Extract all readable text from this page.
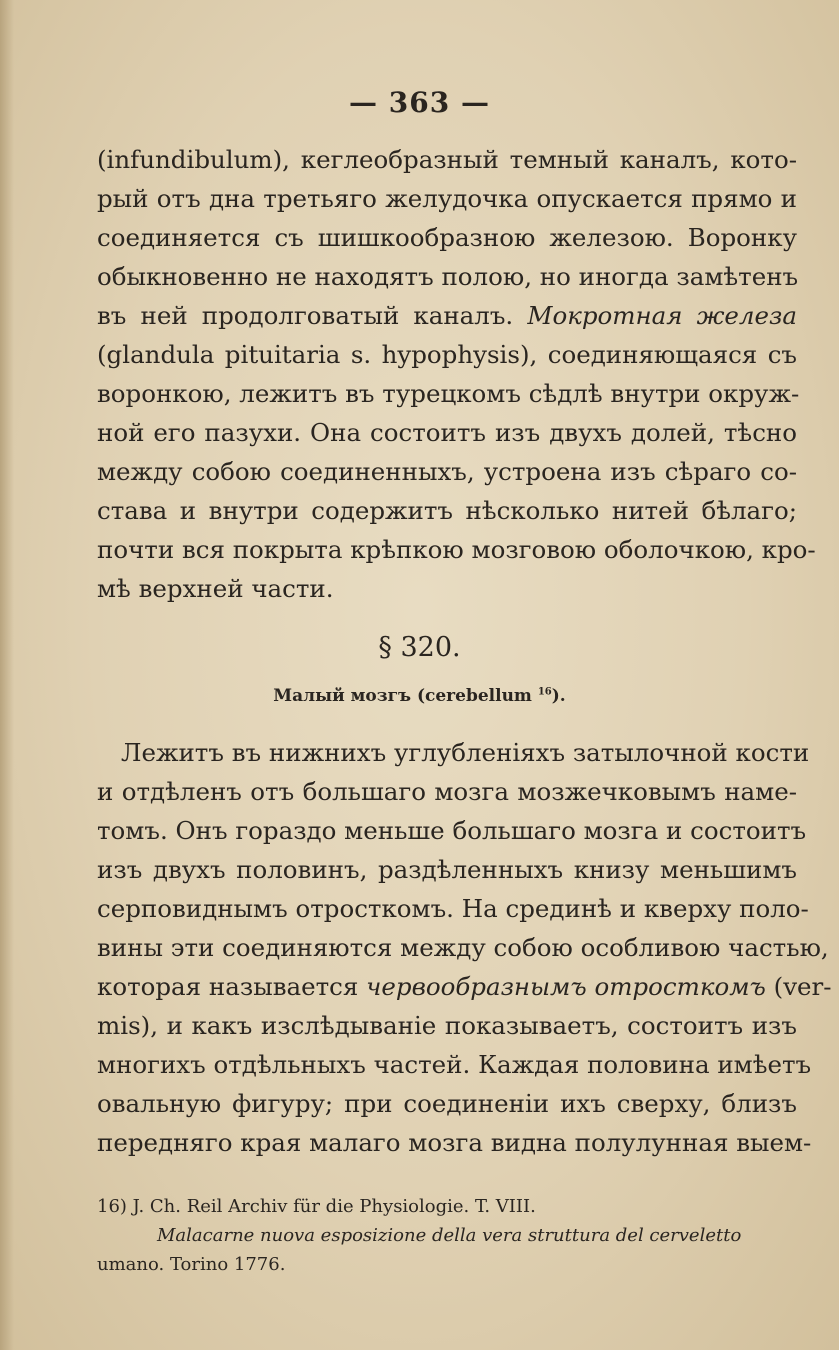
— 363 —
(infundibulum), кеглеобразный темный каналъ, кото-
рый отъ дна третьяго желудочка опускается прямо и
соединяется съ шишкообразною железою. Воронку
обыкновенно не находятъ полою, но иногда замѣтенъ
въ ней продолговатый каналъ. Мокротная железа
(glandula pituitaria s. hypophysis), соединяющаяся съ
воронкою, лежитъ въ турецкомъ сѣдлѣ внутри окруж-
ной его пазухи. Она состоитъ изъ двухъ долей, тѣсно
между собою соединенныхъ, устроена изъ сѣраго со-
става и внутри содержитъ нѣсколько нитей бѣлаго;
почти вся покрыта крѣпкою мозговою оболочкою, кро-
мѣ верхней части.
§ 320.
Малый мозгъ (cerebellum $^{16}$).
Лежитъ въ нижнихъ углубленіяхъ затылочной кости
и отдѣленъ отъ большаго мозга мозжечковымъ наме-
томъ. Онъ гораздо меньше большаго мозга и состоитъ
изъ двухъ половинъ, раздѣленныхъ книзу меньшимъ
серповиднымъ отросткомъ. На срединѣ и кверху поло-
вины эти соединяются между собою особливою частью,
которая называется червообразнымъ отросткомъ (ver-
mis), и какъ изслѣдываніе показываетъ, состоитъ изъ
многихъ отдѣльныхъ частей. Каждая половина имѣетъ
овальную фигуру; при соединеніи ихъ сверху, близъ
передняго края малаго мозга видна полулунная выем-
16) J. Ch. Reil Archiv für die Physiologie. T. VIII.
Malacarne nuova esposizione della vera struttura del cerveletto
umano. Torino 1776.
